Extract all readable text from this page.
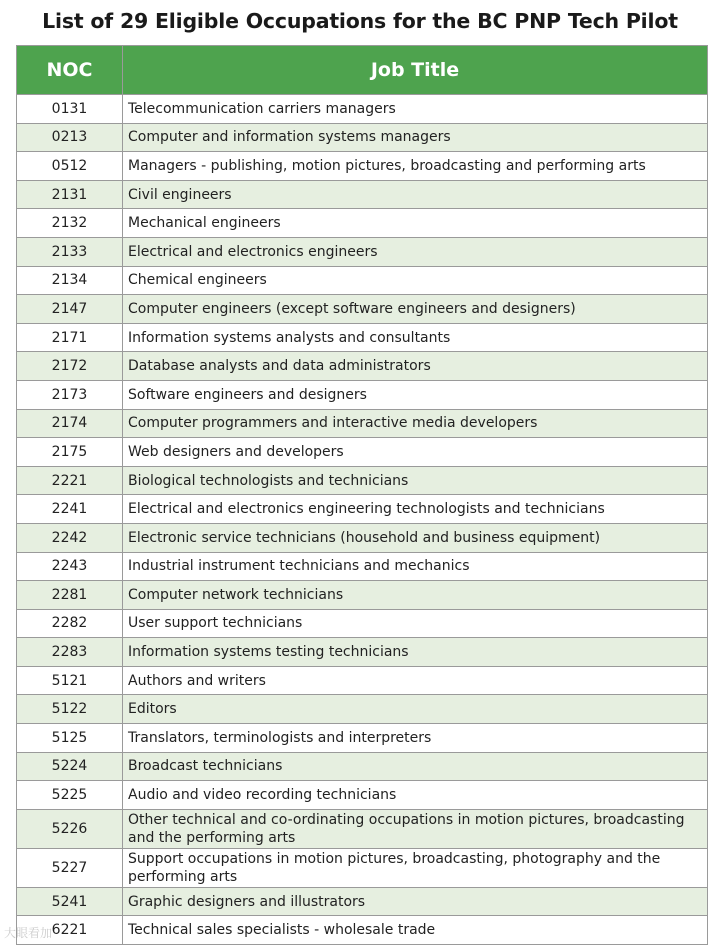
List of 29 Eligible Occupations for the BC PNP Tech Pilot
NOC	Job Title
0131	Telecommunication carriers managers
0213	Computer and information systems managers
0512	Managers - publishing, motion pictures, broadcasting and performing arts
2131	Civil engineers
2132	Mechanical engineers
2133	Electrical and electronics engineers
2134	Chemical engineers
2147	Computer engineers (except software engineers and designers)
2171	Information systems analysts and consultants
2172	Database analysts and data administrators
2173	Software engineers and designers
2174	Computer programmers and interactive media developers
2175	Web designers and developers
2221	Biological technologists and technicians
2241	Electrical and electronics engineering technologists and technicians
2242	Electronic service technicians (household and business equipment)
2243	Industrial instrument technicians and mechanics
2281	Computer network technicians
2282	User support technicians
2283	Information systems testing technicians
5121	Authors and writers
5122	Editors
5125	Translators, terminologists and interpreters
5224	Broadcast technicians
5225	Audio and video recording technicians
5226	Other technical and co-ordinating occupations in motion pictures, broadcasting and the performing arts
5227	Support occupations in motion pictures, broadcasting, photography and the performing arts
5241	Graphic designers and illustrators
6221	Technical sales specialists - wholesale trade
大眼看加
